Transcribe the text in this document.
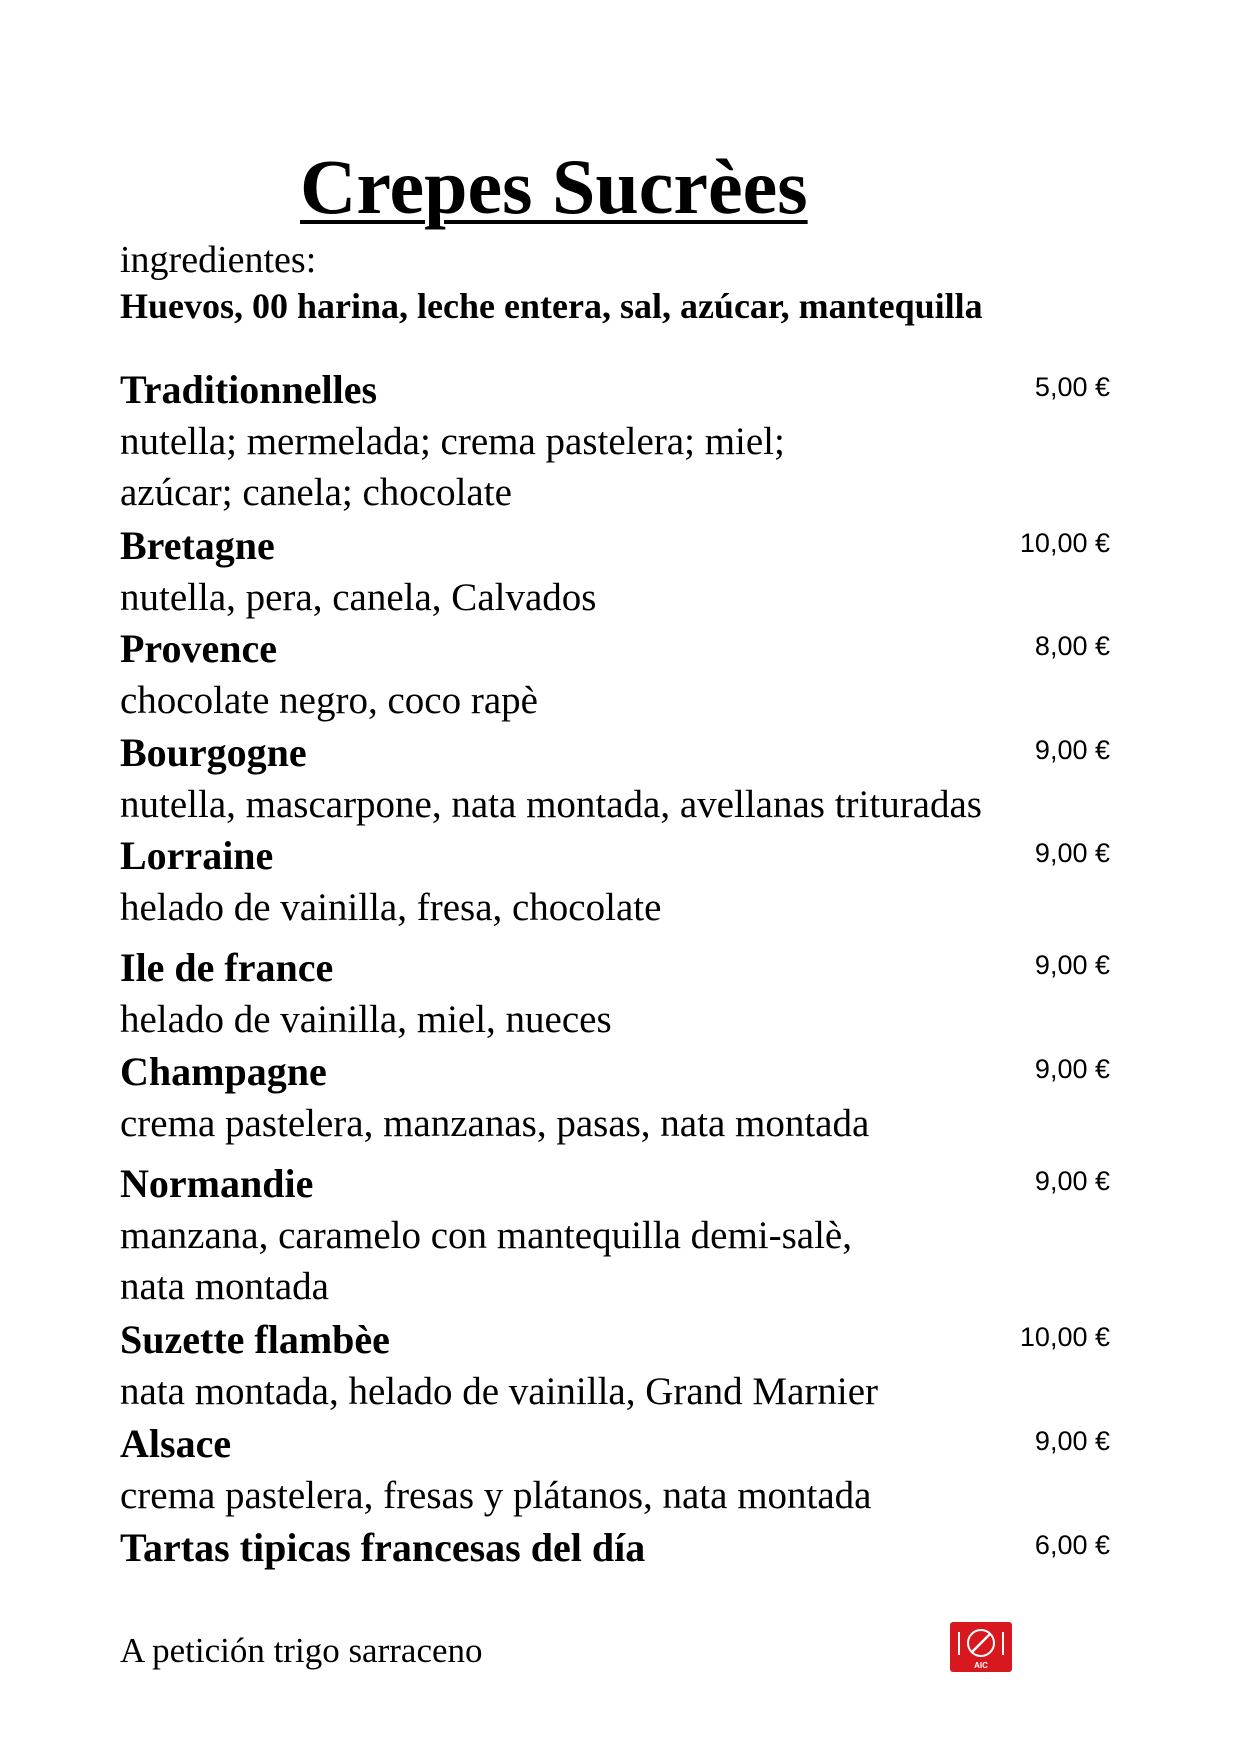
Crepes Sucrèes
ingredientes:
Huevos, 00 harina, leche entera, sal, azúcar, mantequilla
Traditionnelles	5,00 €
nutella; mermelada; crema pastelera; miel;
azúcar; canela; chocolate
Bretagne	10,00 €
nutella, pera, canela, Calvados
Provence	8,00 €
chocolate negro, coco rapè
Bourgogne	9,00 €
nutella, mascarpone, nata montada, avellanas trituradas
Lorraine	9,00 €
helado de vainilla, fresa, chocolate
Ile de france	9,00 €
helado de vainilla, miel, nueces
Champagne	9,00 €
crema pastelera, manzanas, pasas, nata montada
Normandie	9,00 €
manzana, caramelo con mantequilla demi-salè,
nata montada
Suzette flambèe	10,00 €
nata montada, helado de vainilla, Grand Marnier
Alsace	9,00 €
crema pastelera, fresas y plátanos, nata montada
Tartas tipicas francesas del día	6,00 €
A petición trigo sarraceno	AIC
